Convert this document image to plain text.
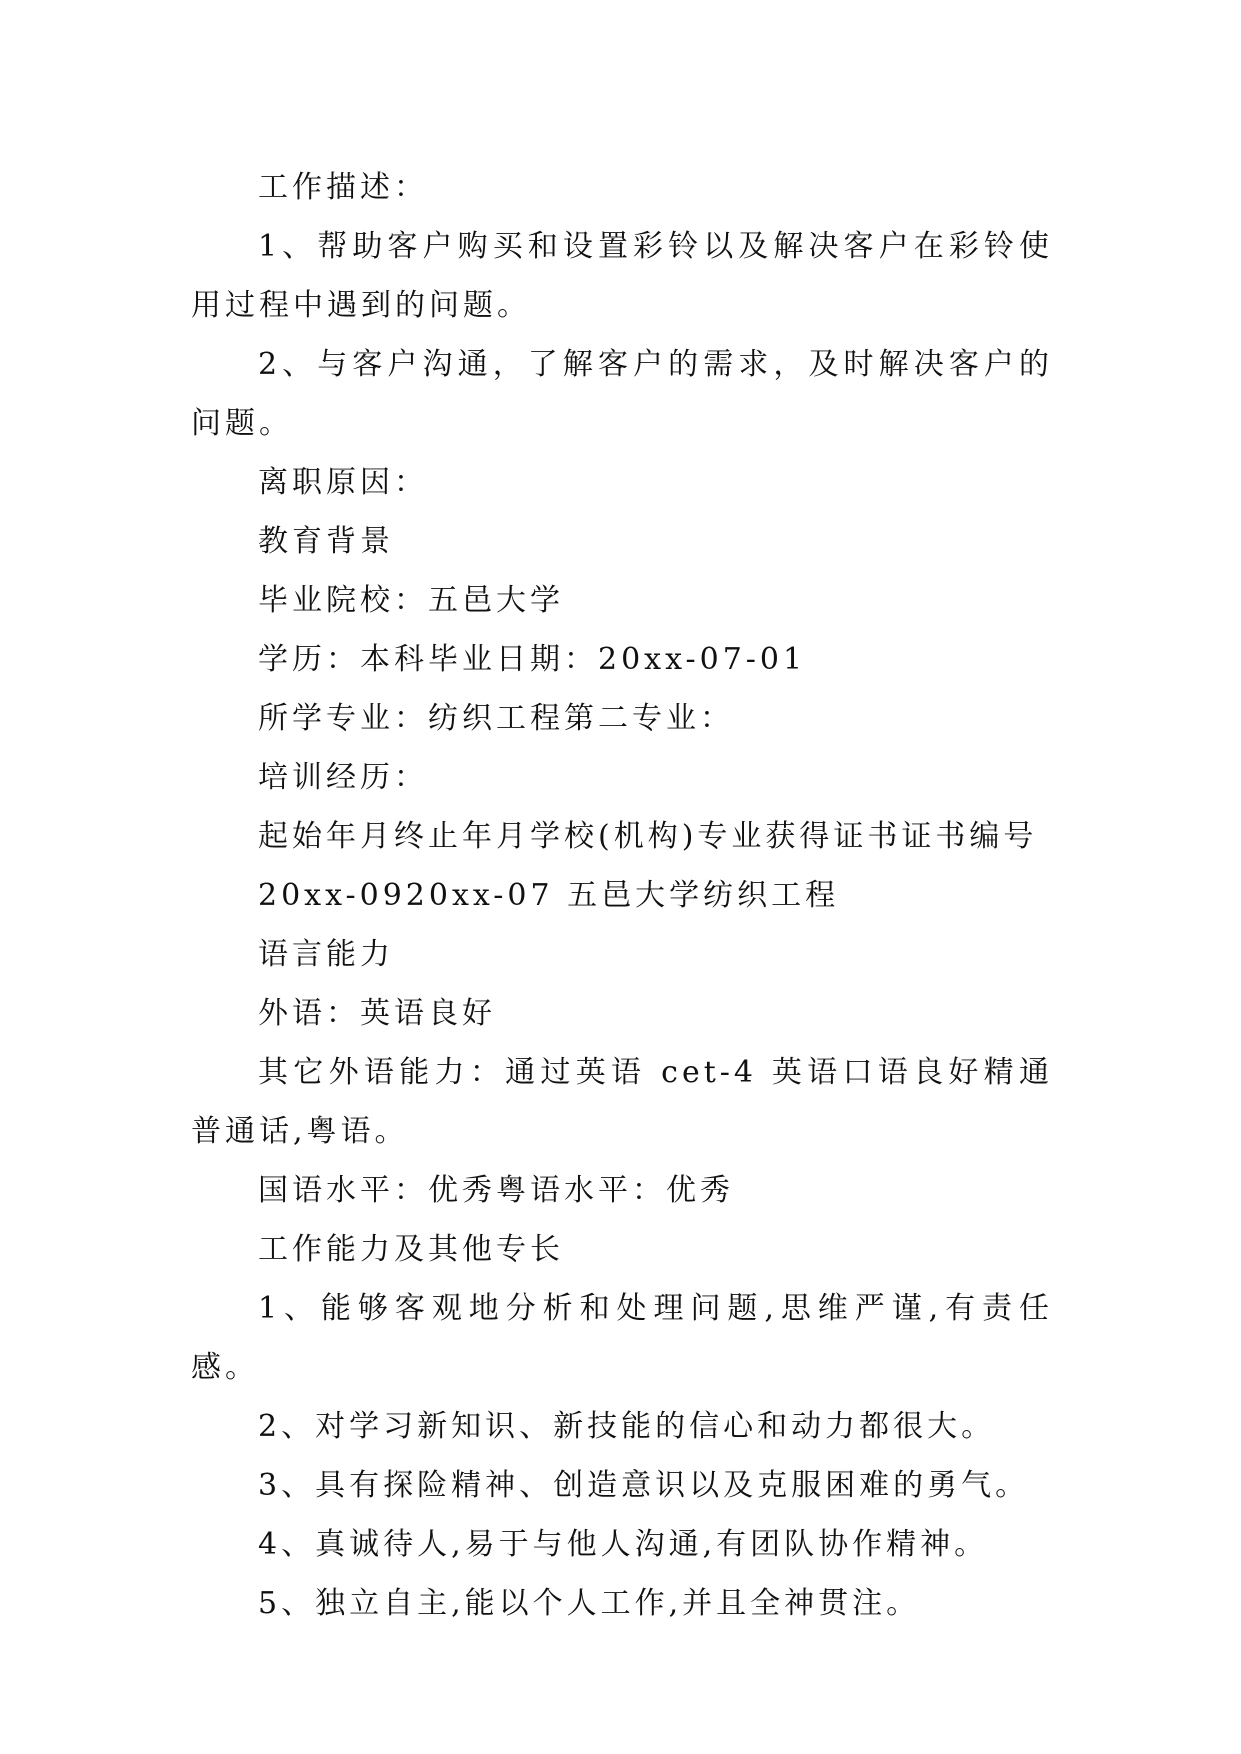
工作描述：

1、帮助客户购买和设置彩铃以及解决客户在彩铃使用过程中遇到的问题。

2、与客户沟通，了解客户的需求，及时解决客户的问题。

离职原因：

教育背景

毕业院校：五邑大学

学历：本科毕业日期：20xx-07-01

所学专业：纺织工程第二专业：

培训经历：

起始年月终止年月学校(机构)专业获得证书证书编号

20xx-0920xx-07 五邑大学纺织工程

语言能力

外语：英语良好

其它外语能力：通过英语 cet-4 英语口语良好精通普通话,粤语。

国语水平：优秀粤语水平：优秀

工作能力及其他专长

1、能够客观地分析和处理问题,思维严谨,有责任感。

2、对学习新知识、新技能的信心和动力都很大。

3、具有探险精神、创造意识以及克服困难的勇气。

4、真诚待人,易于与他人沟通,有团队协作精神。

5、独立自主,能以个人工作,并且全神贯注。
